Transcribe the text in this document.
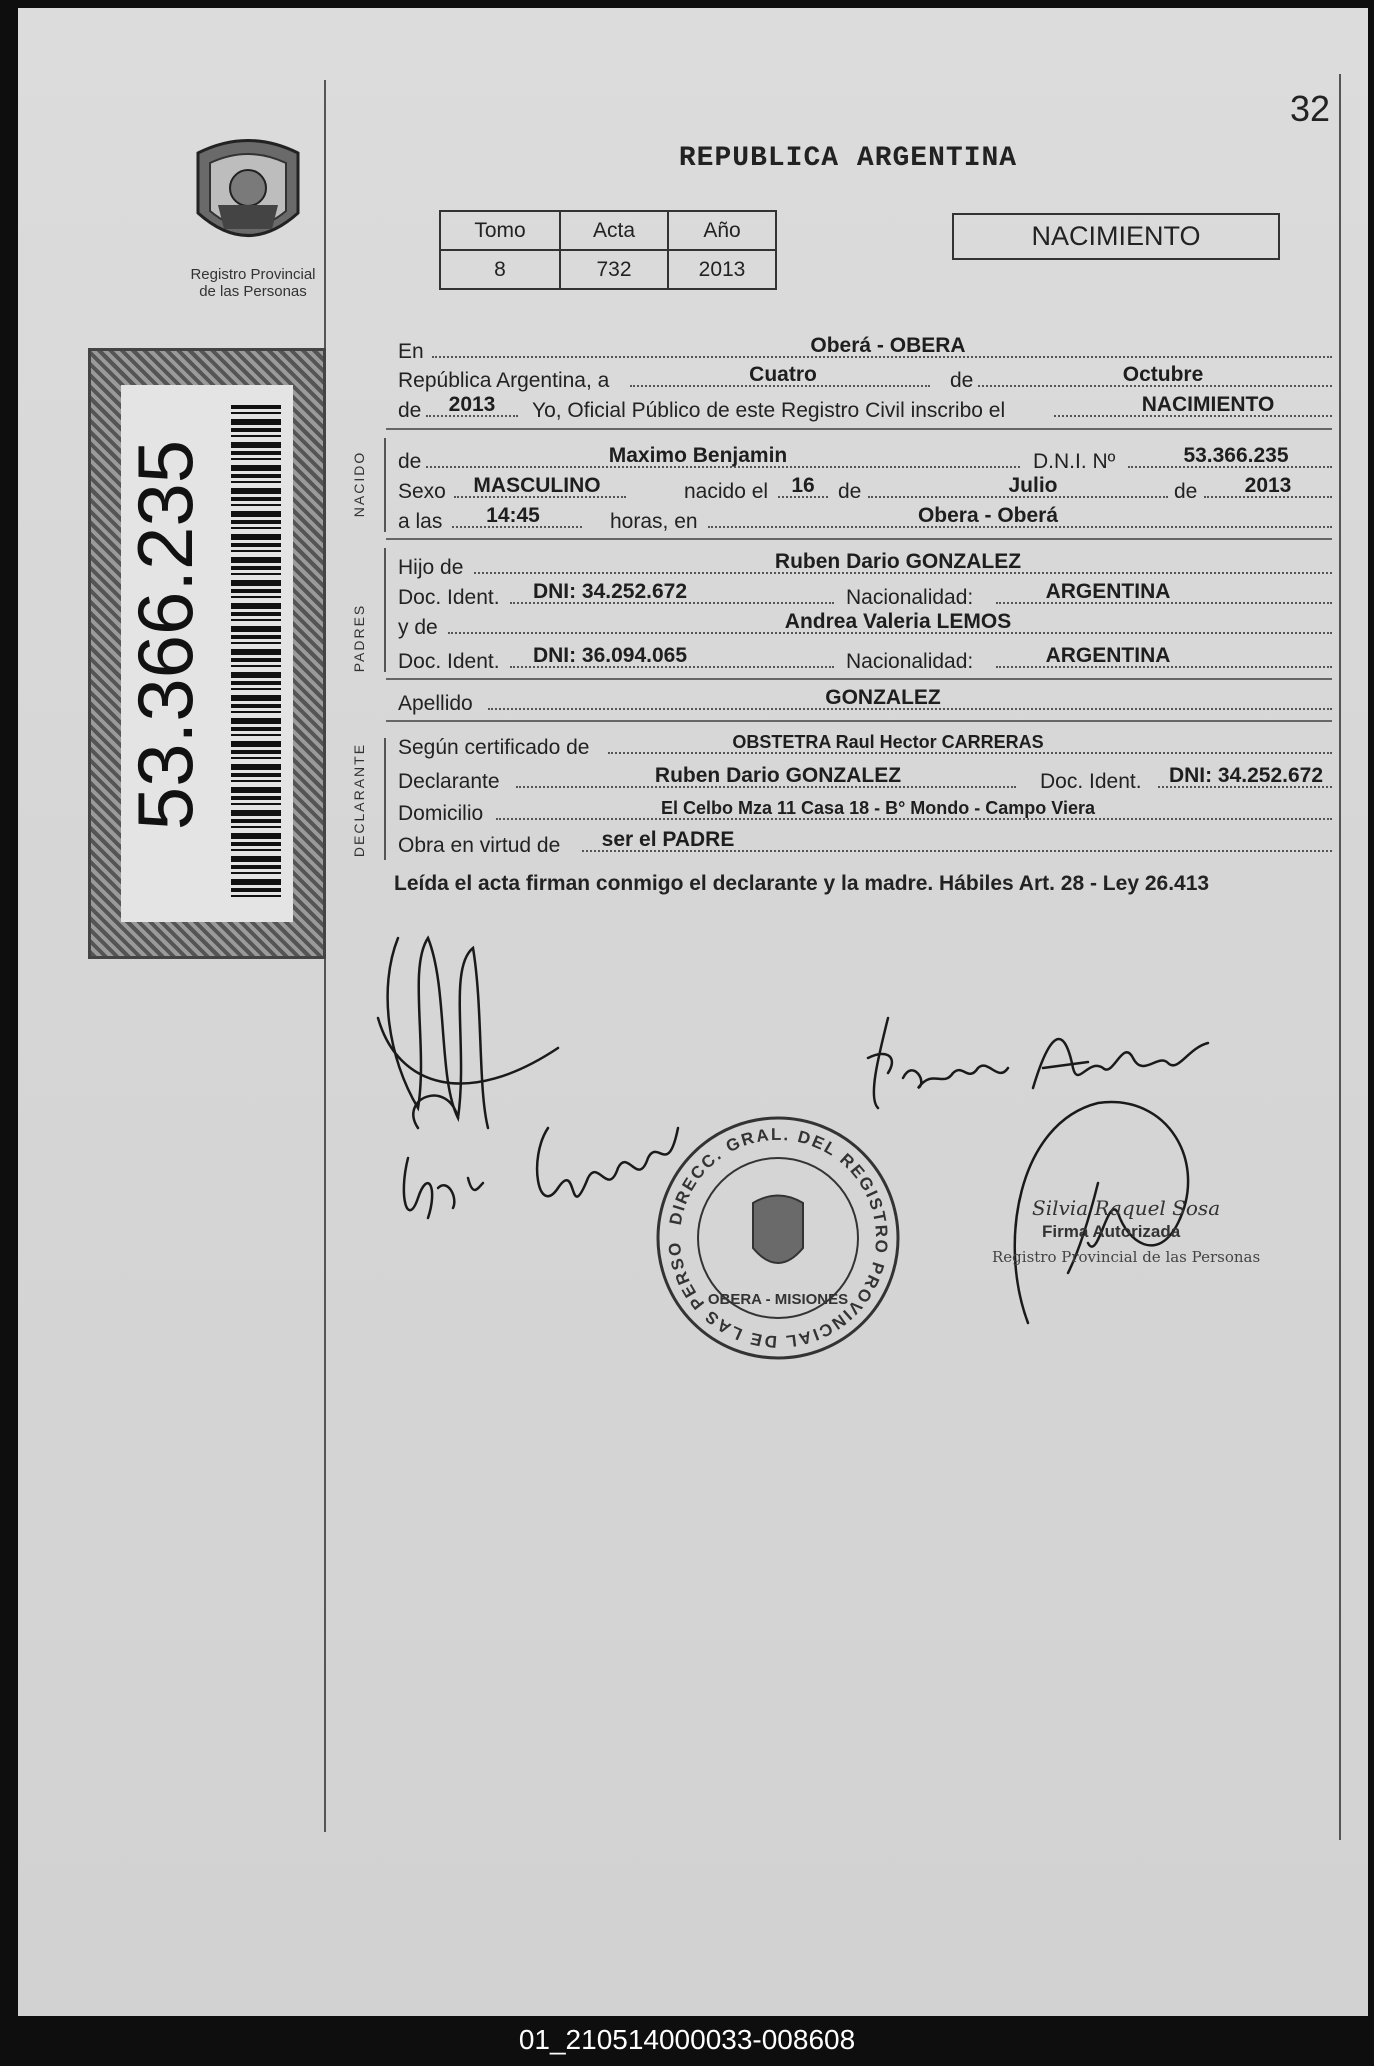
32
REPUBLICA ARGENTINA
Registro Provincial
de las Personas
53.366.235
Tomo	Acta	Año
8	732	2013
NACIMIENTO
En	Oberá - OBERA
República Argentina, a	Cuatro	de	Octubre
de	2013	Yo, Oficial Público de este Registro Civil inscribo el	NACIMIENTO
NACIDO de	Maximo Benjamin	D.N.I. Nº	53.366.235
Sexo	MASCULINO	nacido el	16	de	Julio	de	2013
a las	14:45	horas, en	Obera - Oberá
PADRES
Hijo de	Ruben Dario GONZALEZ
Doc. Ident.	DNI: 34.252.672	Nacionalidad:	ARGENTINA
y de	Andrea Valeria LEMOS
Doc. Ident.	DNI: 36.094.065	Nacionalidad:	ARGENTINA
Apellido	GONZALEZ
DECLARANTE Según certificado de	OBSTETRA Raul Hector CARRERAS
Declarante	Ruben Dario GONZALEZ	Doc. Ident.	DNI: 34.252.672
Domicilio	El Celbo Mza 11 Casa 18 - B° Mondo - Campo Viera
Obra en virtud de	ser el PADRE
Leída el acta firman conmigo el declarante y la madre. Hábiles Art. 28 - Ley 26.413
DIRECC. GRAL. DEL REGISTRO PROVINCIAL DE LAS PERSONAS
OBERA - MISIONES
Silvia Raquel Sosa
Firma Autorizada
Registro Provincial de las Personas
01_210514000033-008608
